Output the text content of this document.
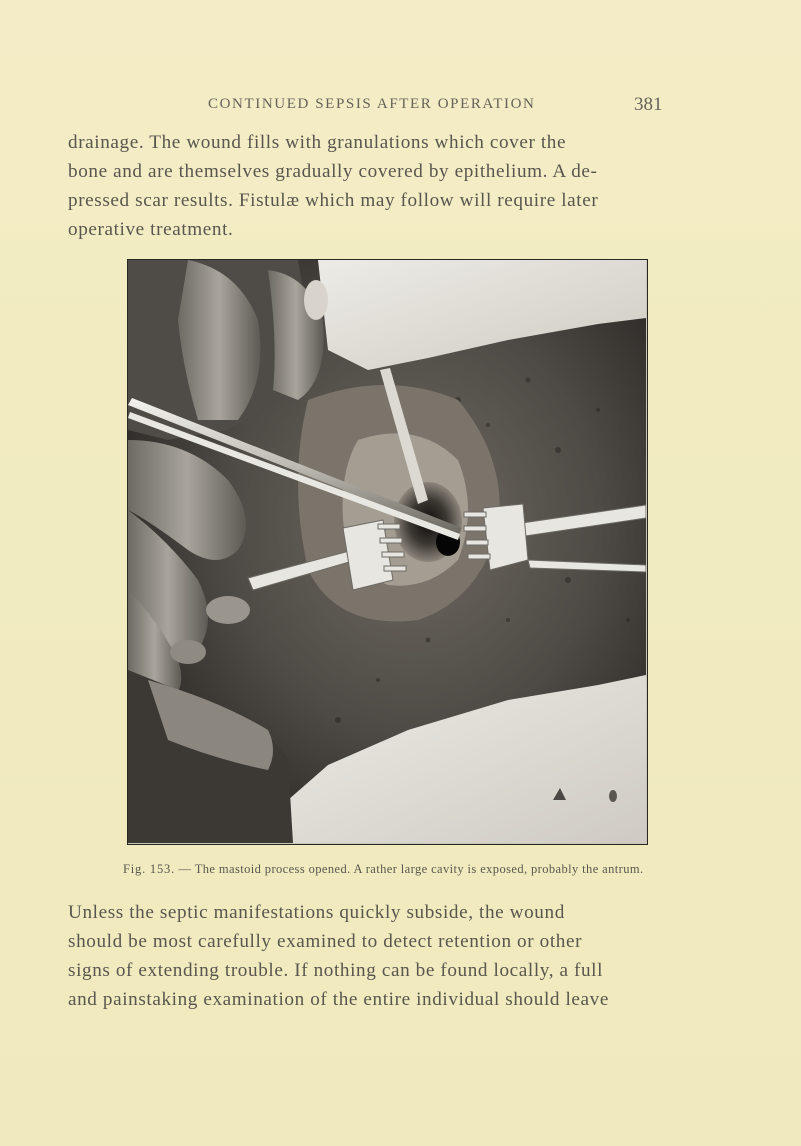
CONTINUED SEPSIS AFTER OPERATION	381
drainage. The wound fills with granulations which cover the
bone and are themselves gradually covered by epithelium. A de-
pressed scar results. Fistulæ which may follow will require later
operative treatment.
Fig. 153. — The mastoid process opened. A rather large cavity is exposed, probably the antrum.
Unless the septic manifestations quickly subside, the wound
should be most carefully examined to detect retention or other
signs of extending trouble. If nothing can be found locally, a full
and painstaking examination of the entire individual should leave
